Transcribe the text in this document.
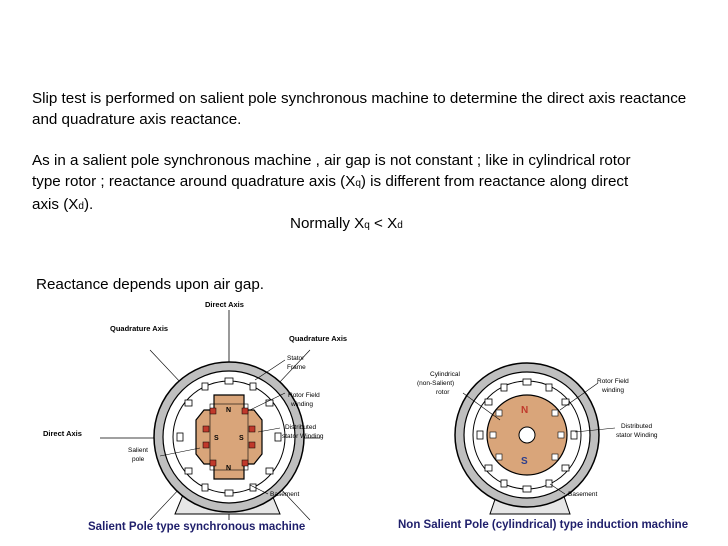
Slip test is performed on salient pole synchronous machine to determine the direct axis reactance and quadrature axis reactance.

As in a salient pole synchronous machine , air gap is not constant ; like in cylindrical rotor
type rotor ; reactance around quadrature axis (Xq) is different from reactance along direct
axis (Xd).
Normally Xq < Xd

Reactance depends upon air gap.

N
N
S	S
Direct Axis
Quadrature Axis
Quadrature Axis
Stator
Frame
Rotor Field
winding
Distributed
stator Winding
Direct Axis
Salient
pole
Basement
N
S
Cylindrical
(non-Salient)
rotor
Rotor Field
winding
Distributed
stator Winding
Basement
Salient Pole type synchronous machine	Non Salient Pole (cylindrical) type induction machine
